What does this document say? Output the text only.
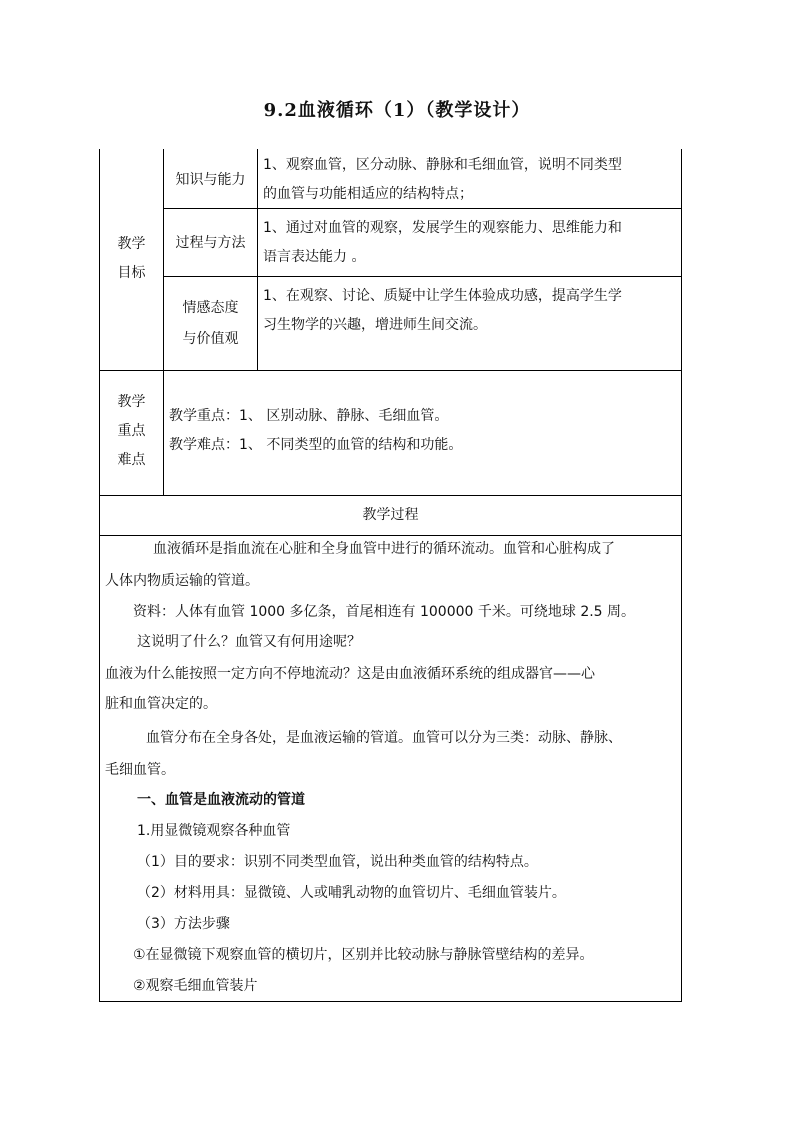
9.2血液循环（1）（教学设计）
教学
目标
知识与能力
1、观察血管，区分动脉、静脉和毛细血管，说明不同类型
的血管与功能相适应的结构特点；
过程与方法
1、通过对血管的观察，发展学生的观察能力、思维能力和
语言表达能力 。
情感态度
与价值观
1、在观察、讨论、质疑中让学生体验成功感，提高学生学
习生物学的兴趣，增进师生间交流。
教学
重点
难点
教学重点：1、 区别动脉、静脉、毛细血管。
教学难点：1、 不同类型的血管的结构和功能。
教学过程
血液循环是指血流在心脏和全身血管中进行的循环流动。血管和心脏构成了
人体内物质运输的管道。
资料：人体有血管 1000 多亿条，首尾相连有 100000 千米。可绕地球 2.5 周。
这说明了什么？血管又有何用途呢？
血液为什么能按照一定方向不停地流动？这是由血液循环系统的组成器官——心
脏和血管决定的。
血管分布在全身各处，是血液运输的管道。血管可以分为三类：动脉、静脉、
毛细血管。
一、血管是血液流动的管道
1.用显微镜观察各种血管
（1）目的要求：识别不同类型血管，说出种类血管的结构特点。
（2）材料用具：显微镜、人或哺乳动物的血管切片、毛细血管装片。
（3）方法步骤
①在显微镜下观察血管的横切片，区别并比较动脉与静脉管壁结构的差异。
②观察毛细血管装片
